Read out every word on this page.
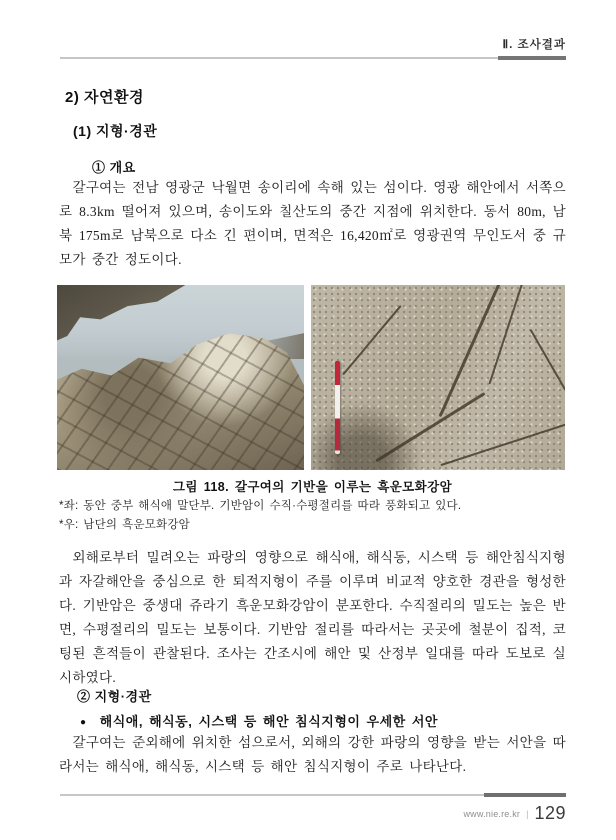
Ⅱ. 조사결과
2) 자연환경
(1) 지형·경관
① 개요

갈구여는 전남 영광군 낙월면 송이리에 속해 있는 섬이다. 영광 해안에서 서쪽으로 8.3km 떨어져 있으며, 송이도와 칠산도의 중간 지점에 위치한다. 동서 80m, 남북 175m로 남북으로 다소 긴 편이며, 면적은 16,420㎡로 영광권역 무인도서 중 규모가 중간 정도이다.

그림 118. 갈구여의 기반을 이루는 흑운모화강암
*좌: 동안 중부 해식애 말단부. 기반암이 수직·수평절리를 따라 풍화되고 있다.
*우: 남단의 흑운모화강암

외해로부터 밀려오는 파랑의 영향으로 해식애, 해식동, 시스택 등 해안침식지형과 자갈해안을 중심으로 한 퇴적지형이 주를 이루며 비교적 양호한 경관을 형성한다. 기반암은 중생대 쥬라기 흑운모화강암이 분포한다. 수직절리의 밀도는 높은 반면, 수평절리의 밀도는 보통이다. 기반암 절리를 따라서는 곳곳에 철분이 집적, 코팅된 흔적들이 관찰된다. 조사는 간조시에 해안 및 산정부 일대를 따라 도보로 실시하였다.

② 지형·경관
● 해식애, 해식동, 시스택 등 해안 침식지형이 우세한 서안

갈구여는 준외해에 위치한 섬으로서, 외해의 강한 파랑의 영향을 받는 서안을 따라서는 해식애, 해식동, 시스택 등 해안 침식지형이 주로 나타난다.

www.nie.re.kr | 129
